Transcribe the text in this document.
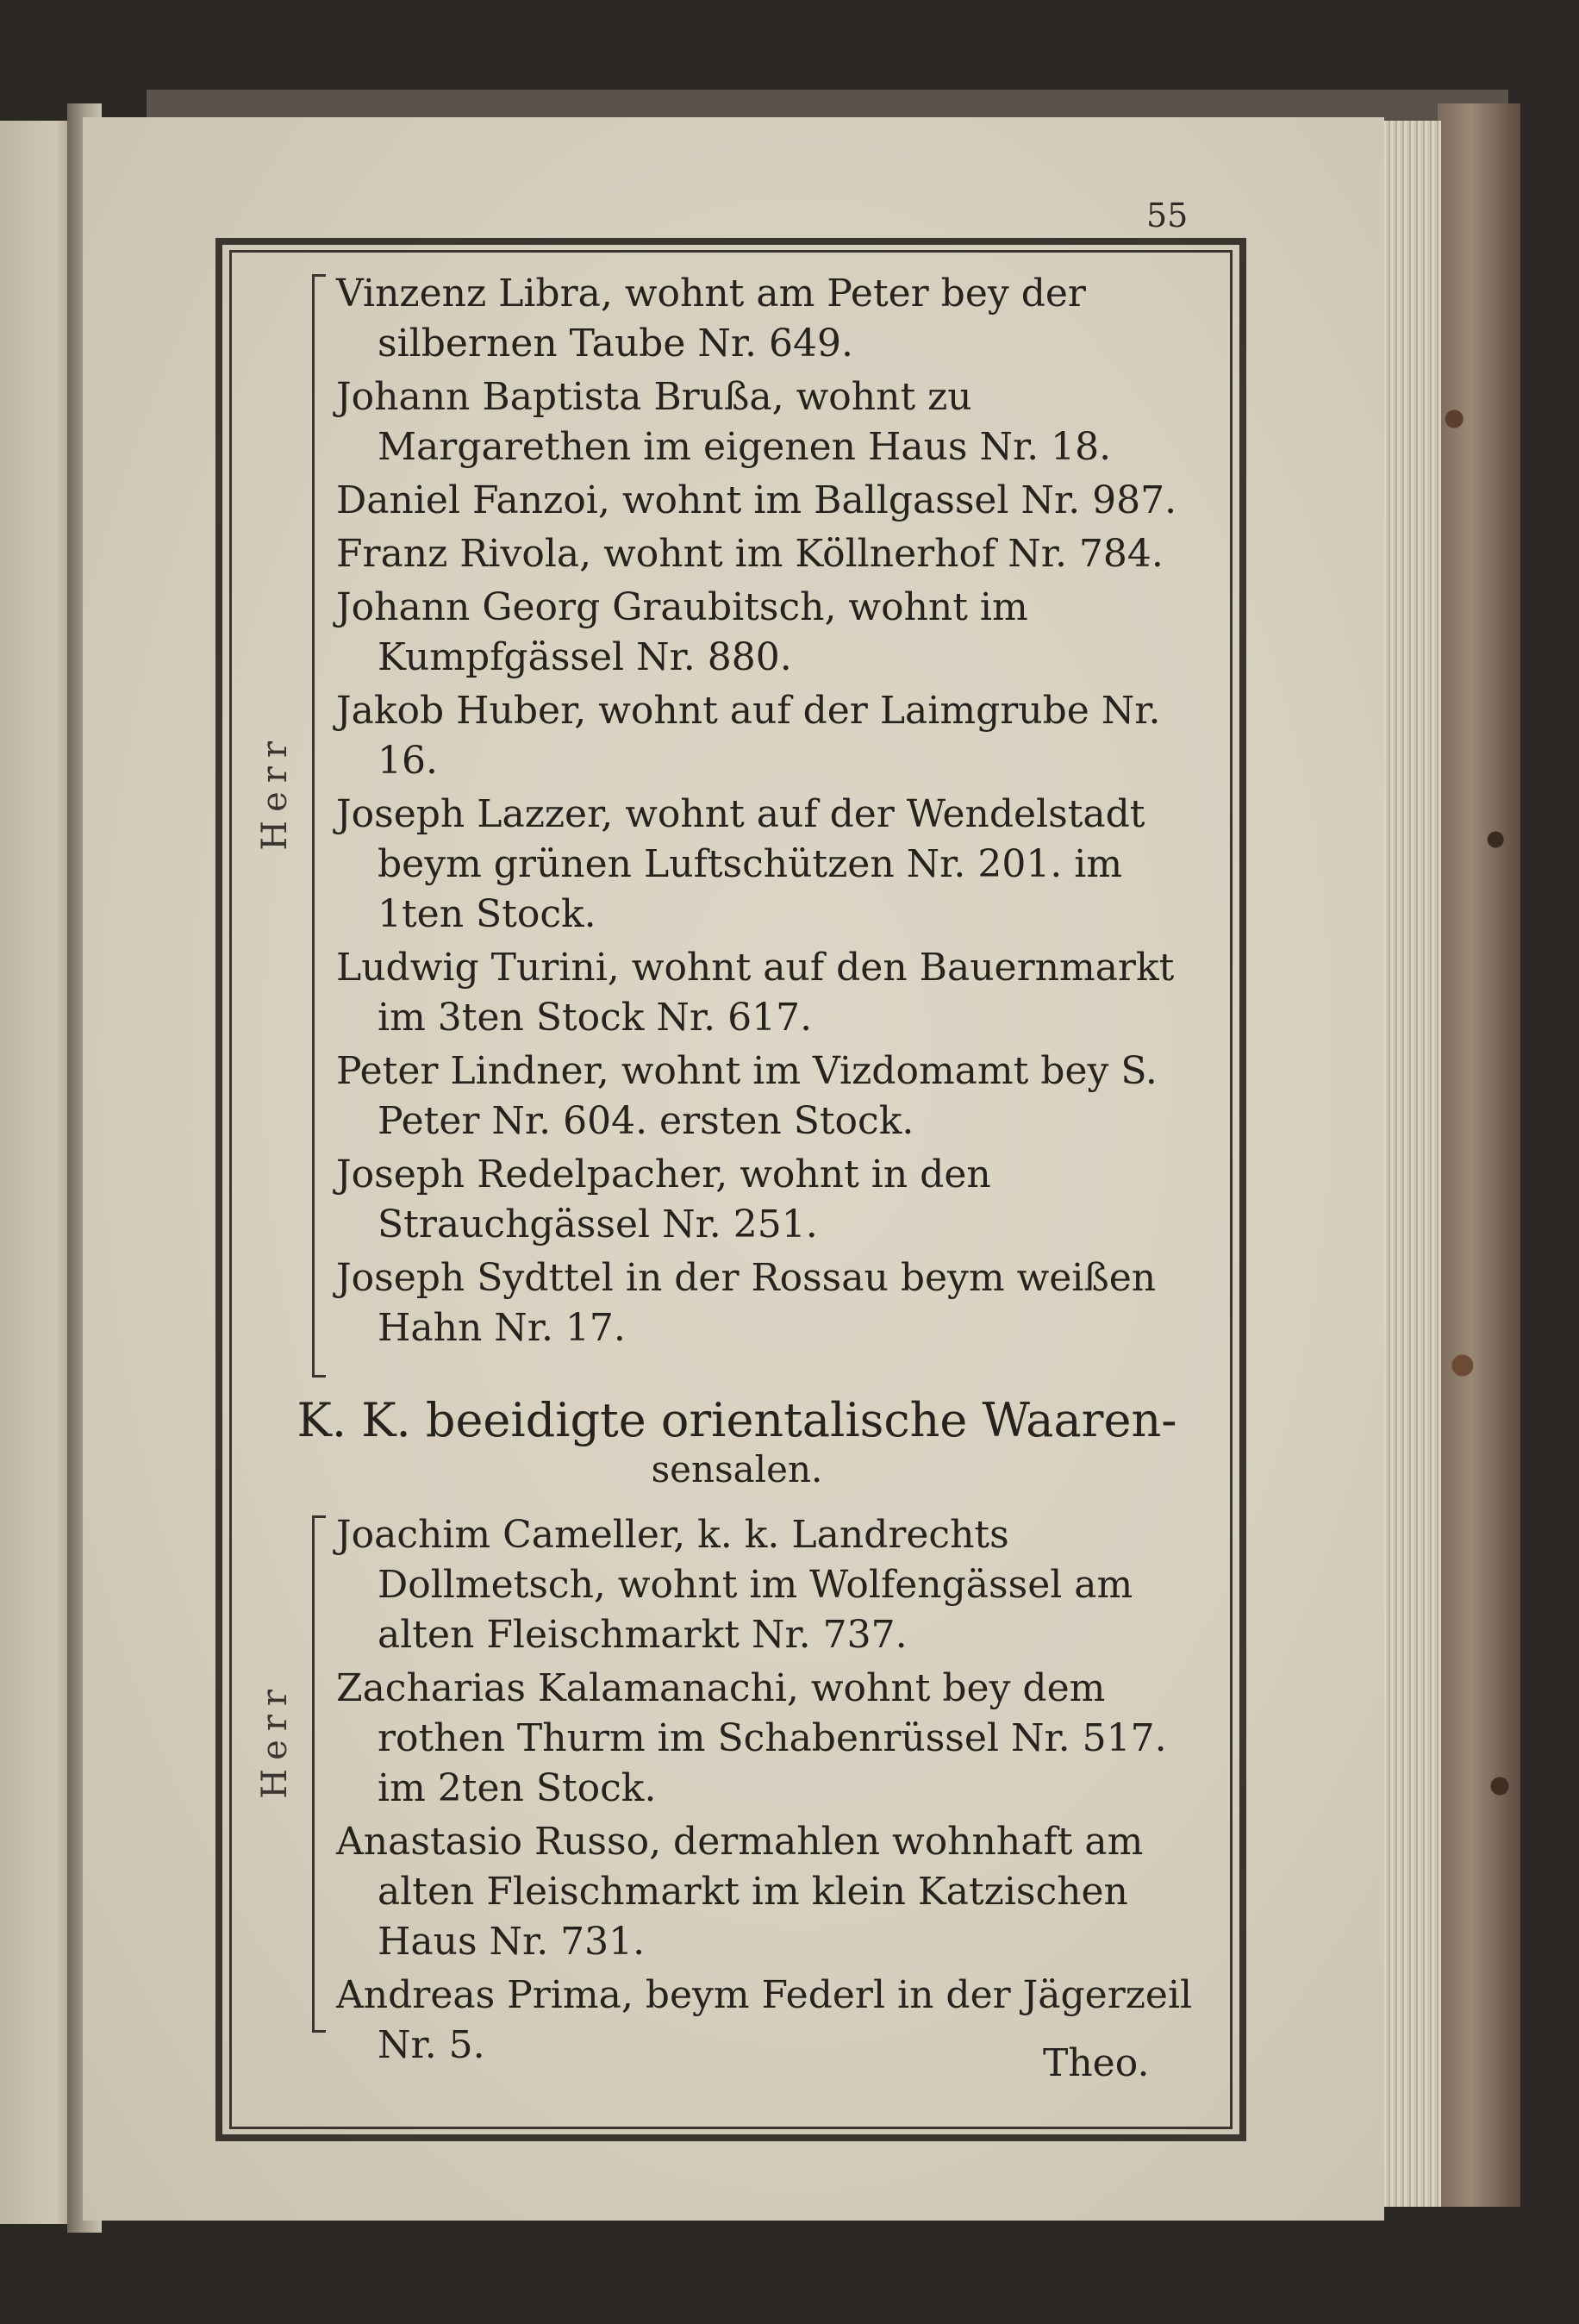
55
Herr
Vinzenz Libra, wohnt am Peter bey der silbernen Taube Nr. 649.
Johann Baptista Brußa, wohnt zu Margarethen im eigenen Haus Nr. 18.
Daniel Fanzoi, wohnt im Ballgassel Nr. 987.
Franz Rivola, wohnt im Köllnerhof Nr. 784.
Johann Georg Graubitsch, wohnt im Kumpfgässel Nr. 880.
Jakob Huber, wohnt auf der Laimgrube Nr. 16.
Joseph Lazzer, wohnt auf der Wendelstadt beym grünen Luftschützen Nr. 201. im 1ten Stock.
Ludwig Turini, wohnt auf den Bauernmarkt im 3ten Stock Nr. 617.
Peter Lindner, wohnt im Vizdomamt bey S. Peter Nr. 604. ersten Stock.
Joseph Redelpacher, wohnt in den Strauchgässel Nr. 251.
Joseph Sydttel in der Rossau beym weißen Hahn Nr. 17.
K. K. beeidigte orientalische Waaren-
sensalen.
Herr
Joachim Cameller, k. k. Landrechts Dollmetsch, wohnt im Wolfengässel am alten Fleischmarkt Nr. 737.
Zacharias Kalamanachi, wohnt bey dem rothen Thurm im Schabenrüssel Nr. 517. im 2ten Stock.
Anastasio Russo, dermahlen wohnhaft am alten Fleischmarkt im klein Katzischen Haus Nr. 731.
Andreas Prima, beym Federl in der Jägerzeil Nr. 5.	Theo.
